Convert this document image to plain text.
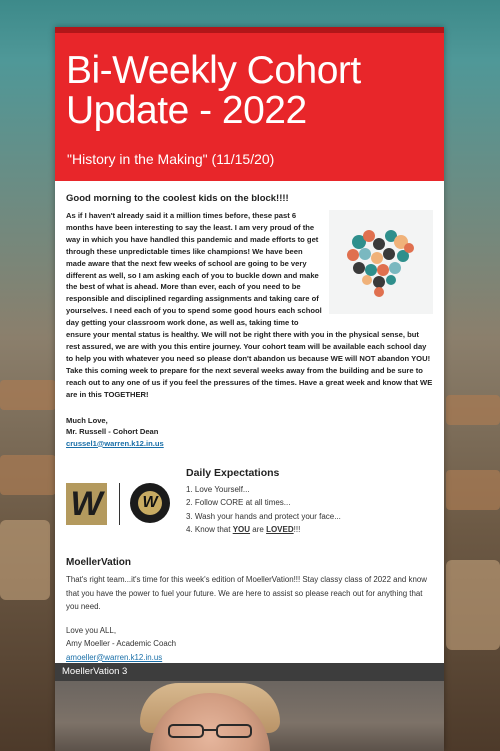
Bi-Weekly Cohort Update - 2022
"History in the Making" (11/15/20)
Good morning to the coolest kids on the block!!!!
As if I haven't already said it a million times before, these past 6 months have been interesting to say the least. I am very proud of the way in which you have handled this pandemic and made efforts to get through these unpredictable times like champions! We have been made aware that the next few weeks of school are going to be very different as well, so I am asking each of you to buckle down and make the best of what is ahead. More than ever, each of you need to be responsible and disciplined regarding assignments and taking care of yourselves. I need each of you to spend some good hours each school day getting your classroom work done, as well as, taking time to ensure your mental status is healthy. We will not be right there with you in the physical sense, but rest assured, we are with you this entire journey. Your cohort team will be available each school day to help you with whatever you need so please don't abandon us because WE will NOT abandon YOU! Take this coming week to prepare for the next several weeks away from the building and be sure to reach out to any one of us if you feel the pressures of the times. Have a great week and know that WE are in this TOGETHER!
Much Love,
Mr. Russell - Cohort Dean
crussel1@warren.k12.in.us
W W
Daily Expectations
1. Love Yourself...
2. Follow CORE at all times...
3. Wash your hands and protect your face...
4. Know that YOU are LOVED!!!
MoellerVation
That's right team...it's time for this week's edition of MoellerVation!!! Stay classy class of 2022 and know that you have the power to fuel your future. We are here to assist so please reach out for anything that you need.
Love you ALL,
Amy Moeller - Academic Coach
amoeller@warren.k12.in.us
MoellerVation 3
